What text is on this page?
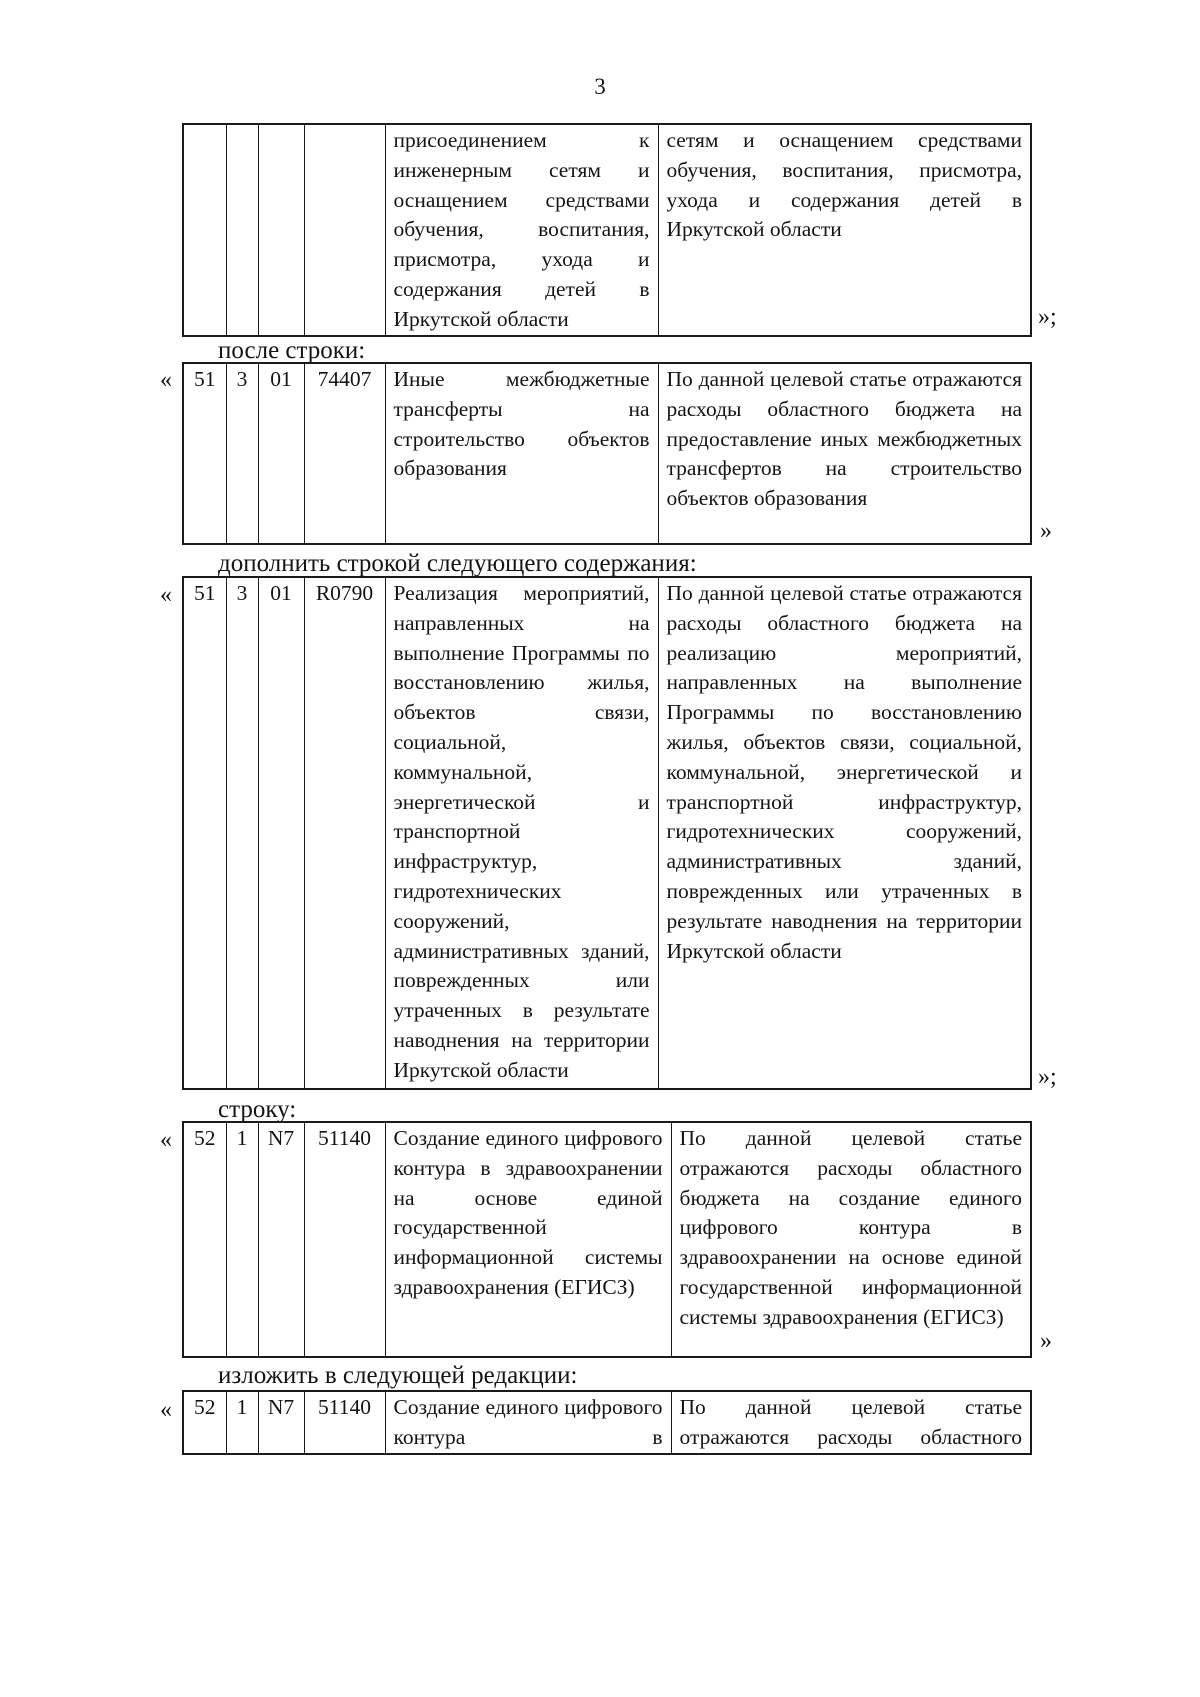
3
				присоединением к инженерным сетям и оснащением средствами обучения, воспитания, присмотра, ухода и содержания детей в Иркутской области	сетям и оснащением средствами обучения, воспитания, присмотра, ухода и содержания детей в Иркутской области
»;
после строки:
« 51	3	01	74407	Иные межбюджетные трансферты на строительство объектов образования	По данной целевой статье отражаются расходы областного бюджета на предоставление иных межбюджетных трансфертов на строительство объектов образования
»
дополнить строкой следующего содержания:
« 51	3	01	R0790	Реализация мероприятий, направленных на выполнение Программы по восстановлению жилья, объектов связи, социальной, коммунальной, энергетической и транспортной инфраструктур, гидротехнических сооружений, административных зданий, поврежденных или утраченных в результате наводнения на территории Иркутской области	По данной целевой статье отражаются расходы областного бюджета на реализацию мероприятий, направленных на выполнение Программы по восстановлению жилья, объектов связи, социальной, коммунальной, энергетической и транспортной инфраструктур, гидротехнических сооружений, административных зданий, поврежденных или утраченных в результате наводнения на территории Иркутской области
»;
строку:
« 52	1	N7	51140	Создание единого цифрового контура в здравоохранении на основе единой государственной информационной системы здравоохранения (ЕГИСЗ)	По данной целевой статье отражаются расходы областного бюджета на создание единого цифрового контура в здравоохранении на основе единой государственной информационной системы здравоохранения (ЕГИСЗ)
»
изложить в следующей редакции:
« 52	1	N7	51140	Создание единого цифрового контура в	По данной целевой статье отражаются расходы областного
